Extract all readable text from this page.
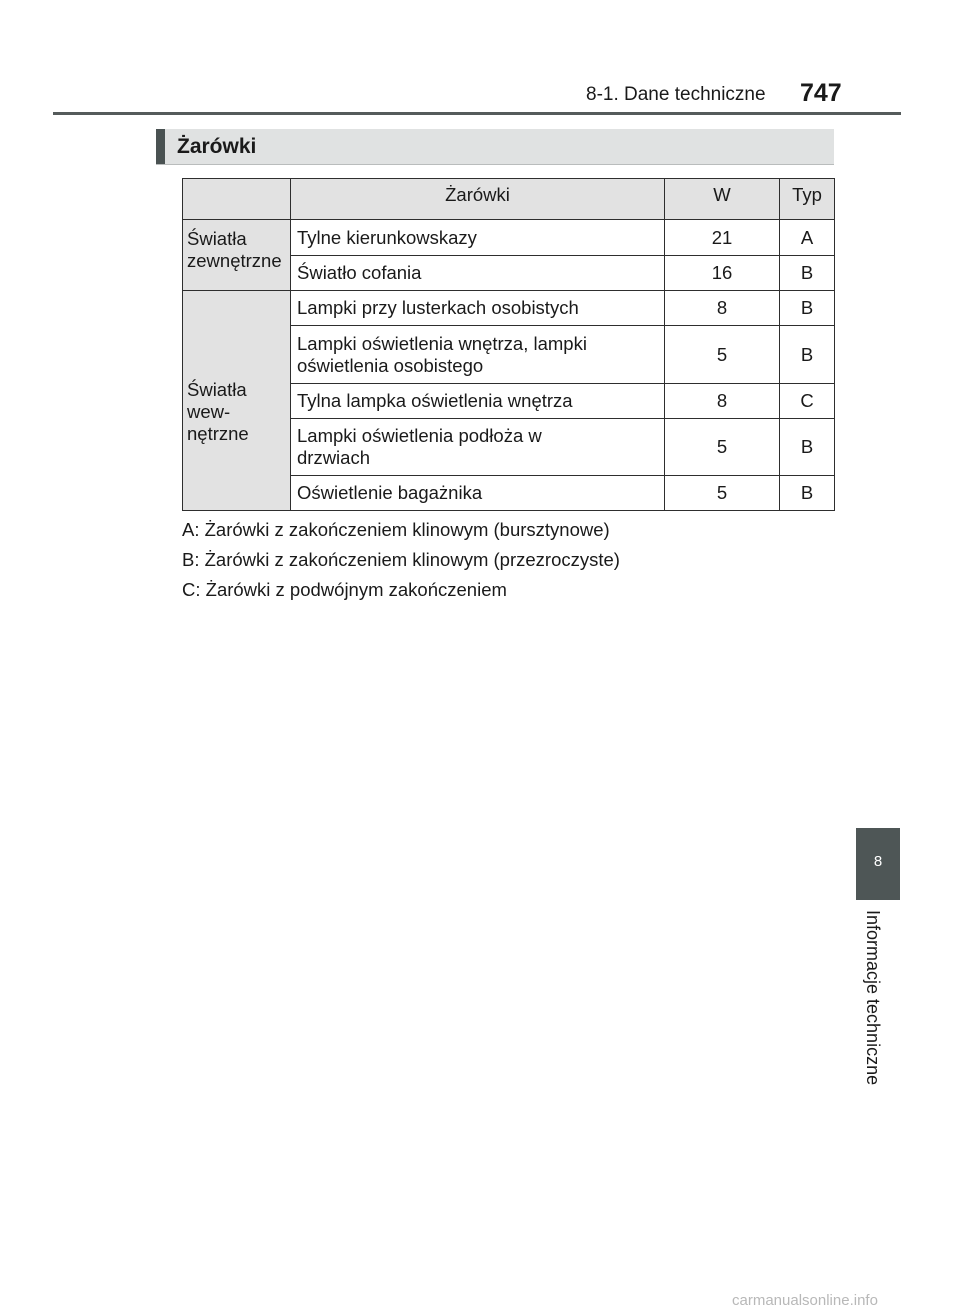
8-1. Dane techniczne 747
Żarówki
	Żarówki	W	Typ
Światła zewnętrzne	Tylne kierunkowskazy	21	A
	Światło cofania	16	B

Światła wew-
nętrzne	Lampki przy lusterkach osobistych	8	B
	Lampki oświetlenia wnętrza, lampki oświetlenia osobistego	5	B
	Tylna lampka oświetlenia wnętrza	8	C
	Lampki oświetlenia podłoża w drzwiach	5	B
	Oświetlenie bagażnika	5	B
A: Żarówki z zakończeniem klinowym (bursztynowe)
B: Żarówki z zakończeniem klinowym (przezroczyste)
C: Żarówki z podwójnym zakończeniem
8
Informacje techniczne
carmanualsonline.info
